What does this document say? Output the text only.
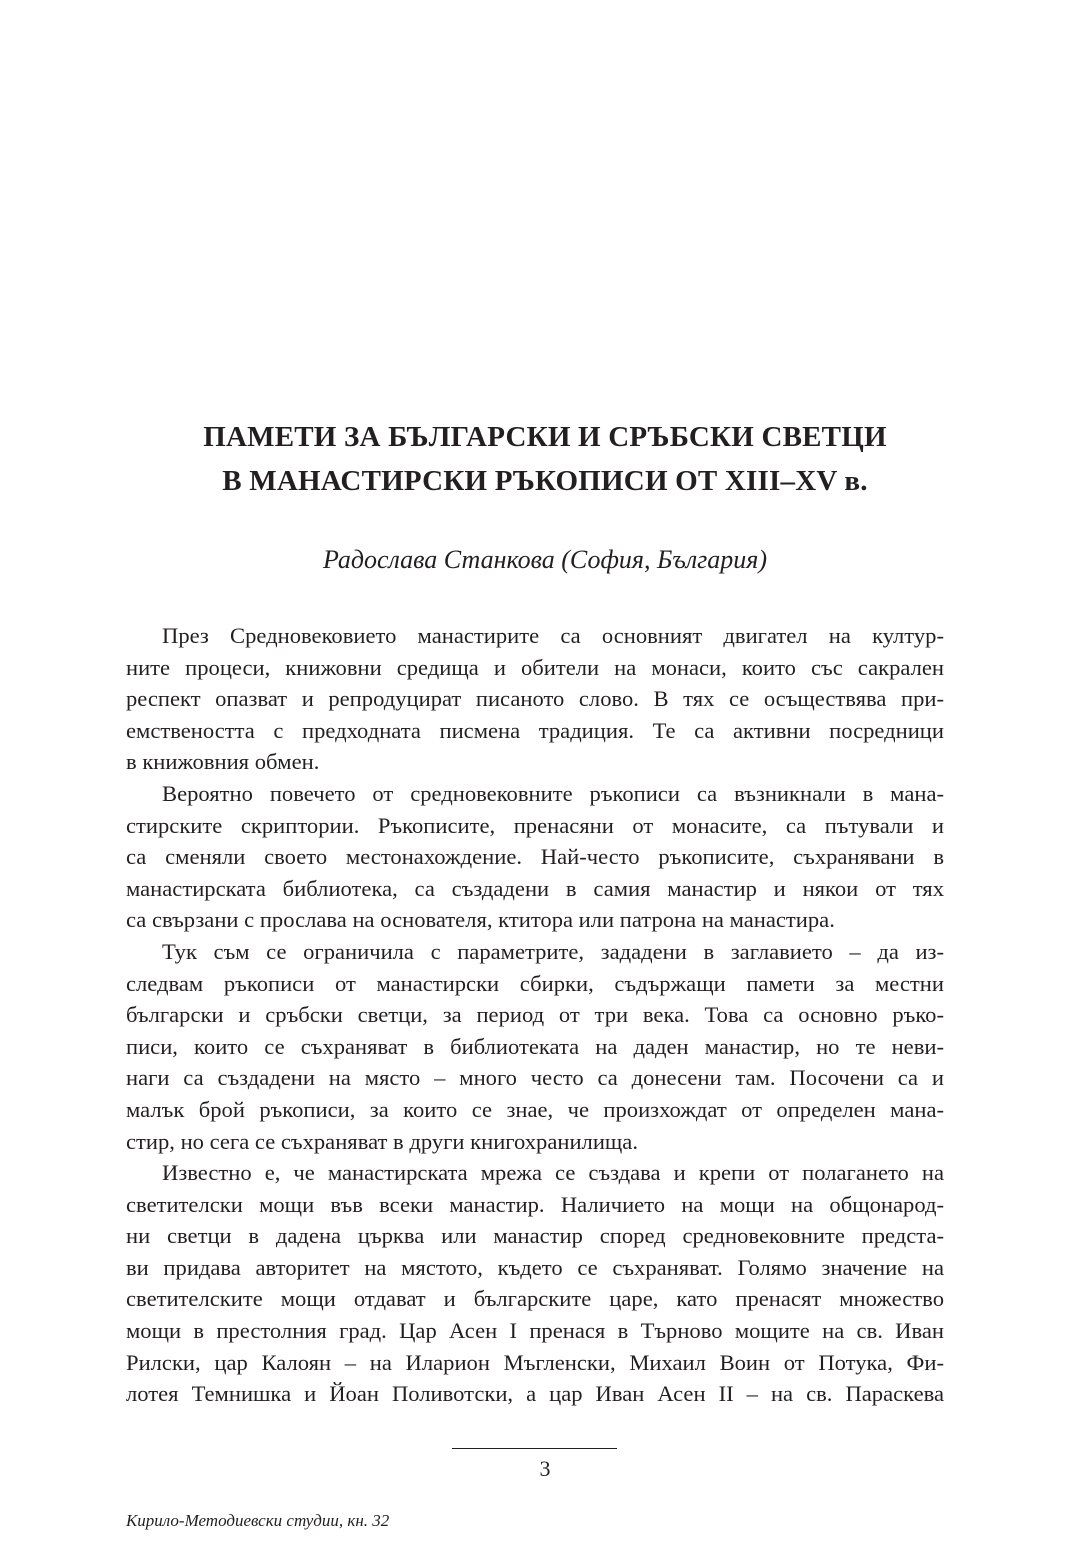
ПАМЕТИ ЗА БЪЛГАРСКИ И СРЪБСКИ СВЕТЦИ
В МАНАСТИРСКИ РЪКОПИСИ ОТ XIII–XV в.

Радослава Станкова (София, България)

През Средновековието манастирите са основният двигател на култур-
ните процеси, книжовни средища и обители на монаси, които със сакрален
респект опазват и репродуцират писаното слово. В тях се осъществява при-
емствеността с предходната писмена традиция. Те са активни посредници
в книжовния обмен.
Вероятно повечето от средновековните ръкописи са възникнали в мана-
стирските скриптории. Ръкописите, пренасяни от монасите, са пътували и
са сменяли своето местонахождение. Най-често ръкописите, съхранявани в
манастирската библиотека, са създадени в самия манастир и някои от тях
са свързани с прослава на основателя, ктитора или патрона на манастира.
Тук съм се ограничила с параметрите, зададени в заглавието – да из-
следвам ръкописи от манастирски сбирки, съдържащи памети за местни
български и сръбски светци, за период от три века. Това са основно ръко-
писи, които се съхраняват в библиотеката на даден манастир, но те неви-
наги са създадени на място – много често са донесени там. Посочени са и
малък брой ръкописи, за които се знае, че произхождат от определен мана-
стир, но сега се съхраняват в други книгохранилища.
Известно е, че манастирската мрежа се създава и крепи от полагането на
светителски мощи във всеки манастир. Наличието на мощи на общонарод-
ни светци в дадена църква или манастир според средновековните предста-
ви придава авторитет на мястото, където се съхраняват. Голямо значение на
светителските мощи отдават и българските царе, като пренасят множество
мощи в престолния град. Цар Асен I пренася в Търново мощите на св. Иван
Рилски, цар Калоян – на Иларион Мъгленски, Михаил Воин от Потука, Фи-
лотея Темнишка и Йоан Поливотски, а цар Иван Асен II – на св. Параскева
3
Кирило-Методиевски студии, кн. 32
